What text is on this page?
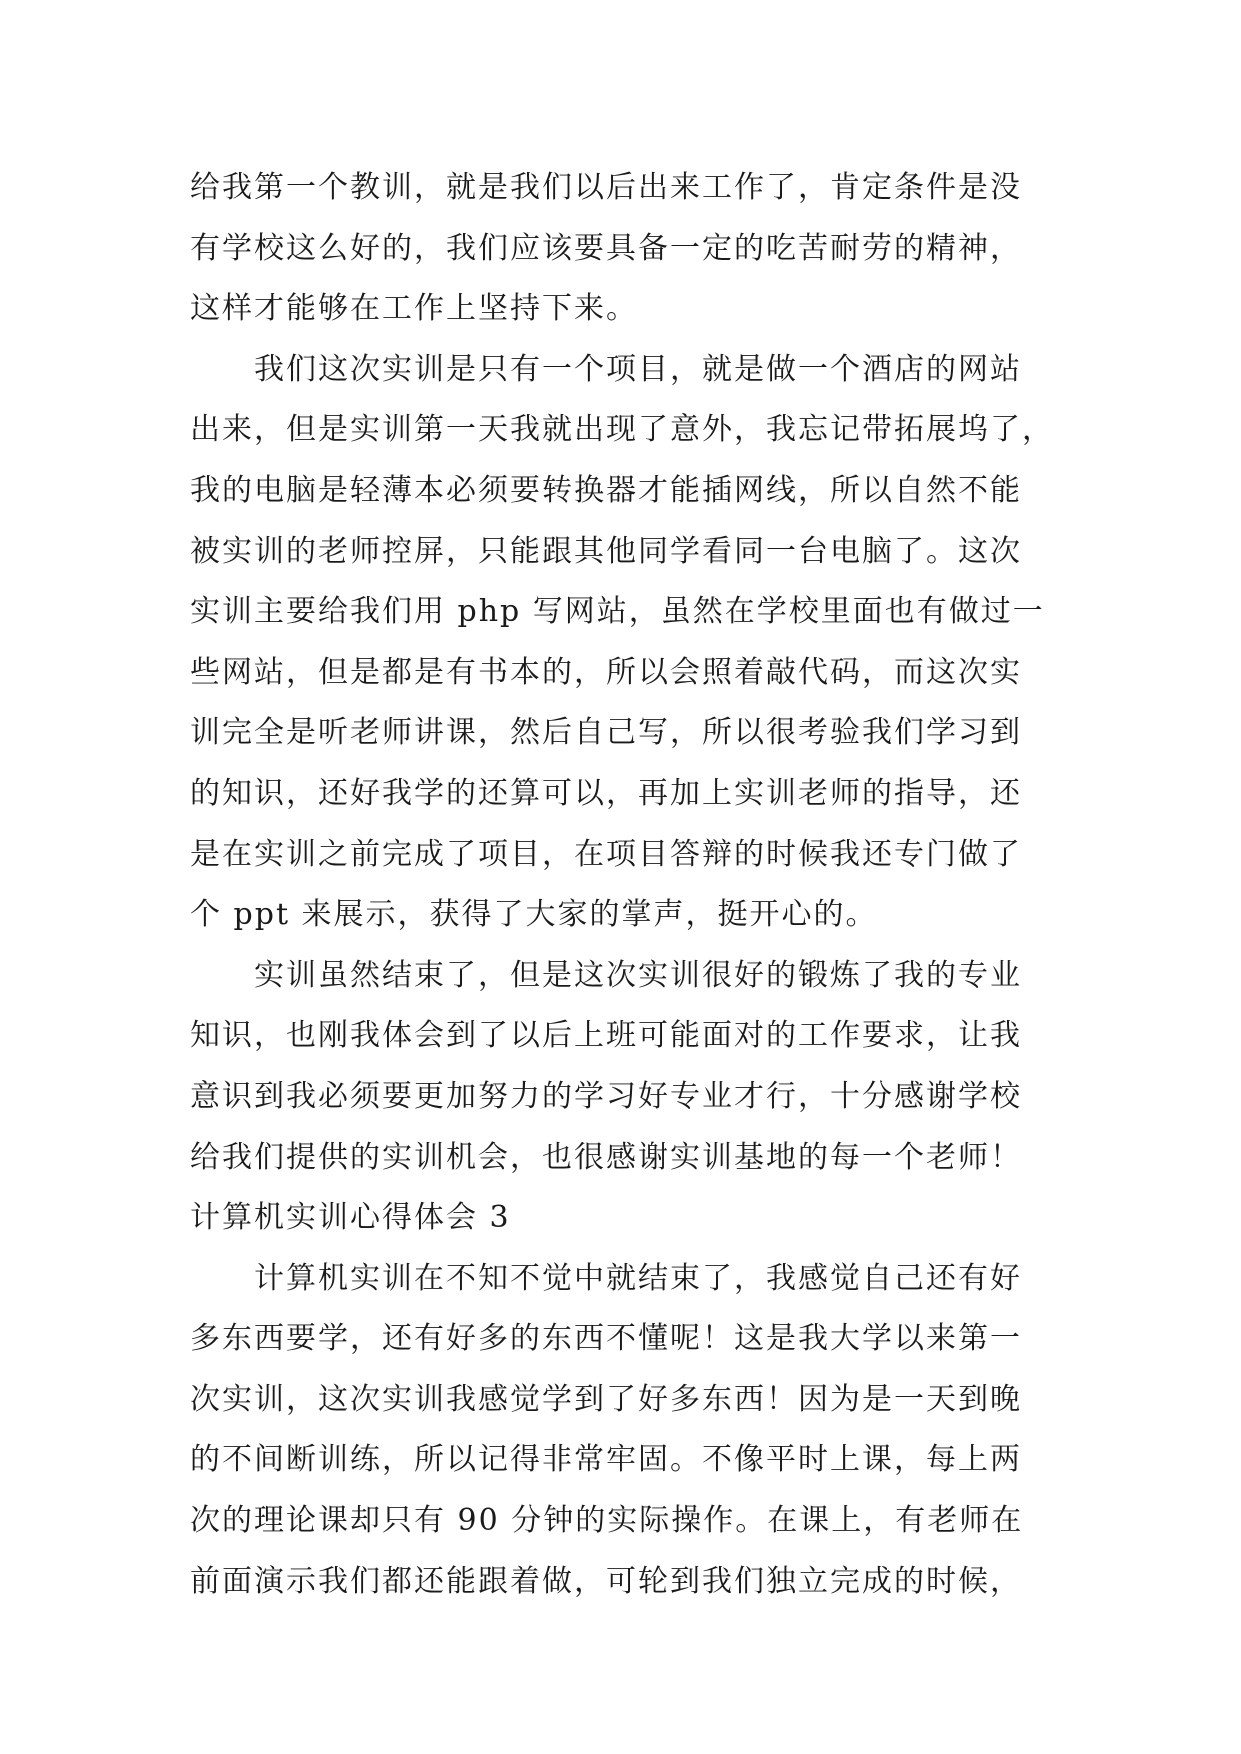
给我第一个教训，就是我们以后出来工作了，肯定条件是没
有学校这么好的，我们应该要具备一定的吃苦耐劳的精神，
这样才能够在工作上坚持下来。
我们这次实训是只有一个项目，就是做一个酒店的网站
出来，但是实训第一天我就出现了意外，我忘记带拓展坞了，
我的电脑是轻薄本必须要转换器才能插网线，所以自然不能
被实训的老师控屏，只能跟其他同学看同一台电脑了。这次
实训主要给我们用 php 写网站，虽然在学校里面也有做过一
些网站，但是都是有书本的，所以会照着敲代码，而这次实
训完全是听老师讲课，然后自己写，所以很考验我们学习到
的知识，还好我学的还算可以，再加上实训老师的指导，还
是在实训之前完成了项目，在项目答辩的时候我还专门做了
个 ppt 来展示，获得了大家的掌声，挺开心的。
实训虽然结束了，但是这次实训很好的锻炼了我的专业
知识，也刚我体会到了以后上班可能面对的工作要求，让我
意识到我必须要更加努力的学习好专业才行，十分感谢学校
给我们提供的实训机会，也很感谢实训基地的每一个老师！
计算机实训心得体会 3
计算机实训在不知不觉中就结束了，我感觉自己还有好
多东西要学，还有好多的东西不懂呢！这是我大学以来第一
次实训，这次实训我感觉学到了好多东西！因为是一天到晚
的不间断训练，所以记得非常牢固。不像平时上课，每上两
次的理论课却只有 90 分钟的实际操作。在课上，有老师在
前面演示我们都还能跟着做，可轮到我们独立完成的时候，
